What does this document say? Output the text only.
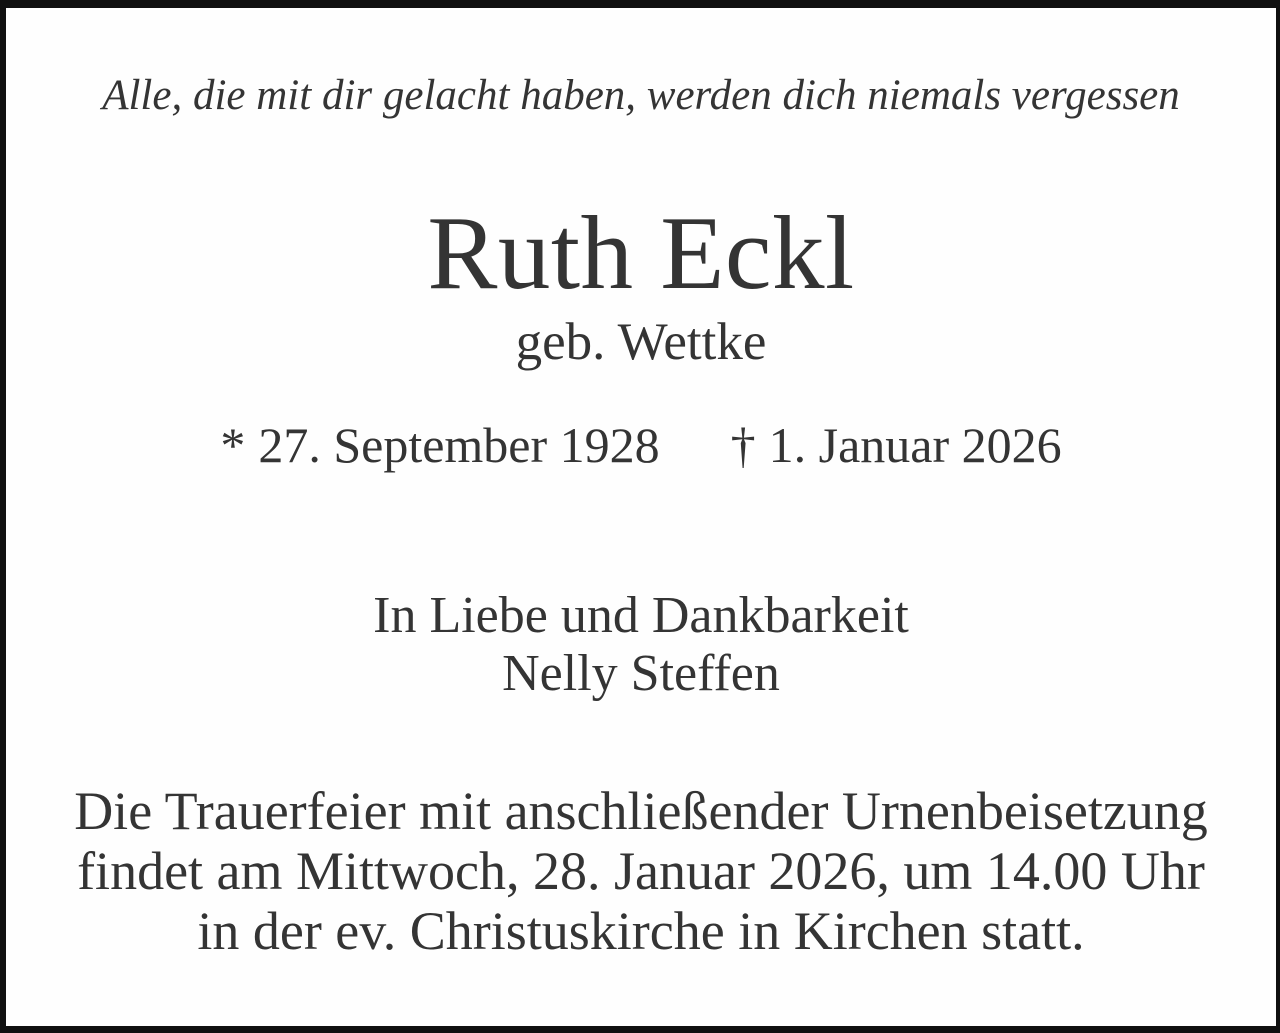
Alle, die mit dir gelacht haben, werden dich niemals vergessen

Ruth Eckl

geb. Wettke

* 27. September 1928 † 1. Januar 2026

In Liebe und Dankbarkeit

Nelly Steffen

Die Trauerfeier mit anschließender Urnenbeisetzung

findet am Mittwoch, 28. Januar 2026, um 14.00 Uhr

in der ev. Christuskirche in Kirchen statt.
